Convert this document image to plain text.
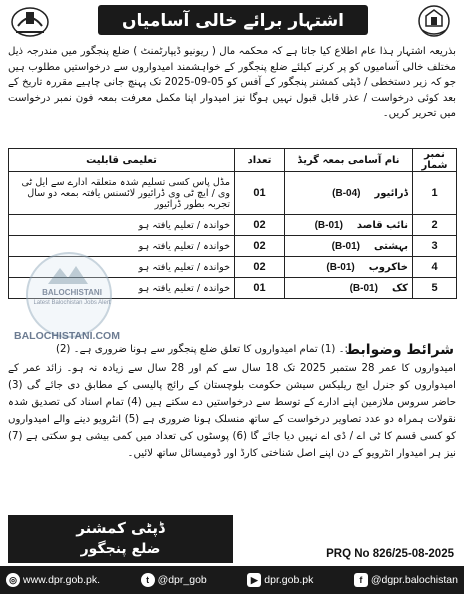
اشتہار برائے خالی آسامیاں
بذریعہ اشتہار ہذا عام اطلاع کیا جاتا ہے کہ محکمہ مال ( ریونیو ڈیپارٹمنٹ ) ضلع پنجگور میں مندرجہ ذیل مختلف خالی آسامیوں کو پر کرنے کیلئے ضلع پنجگور کے خواہشمند امیدواروں سے درخواستیں مطلوب ہیں جو کہ زیر دستخطی / ڈپٹی کمشنر پنجگور کے آفس کو 05-09-2025 تک پہنچ جانی چاہیے مقررہ تاریخ کے بعد کوئی درخواست / عذر قابل قبول نہیں ہوگا نیز امیدوار اپنا مکمل معرفت بمعہ فون نمبر درخواست میں تحریر کریں۔
نمبر شمار	نام آسامی بمعہ گریڈ	تعداد	تعلیمی قابلیت
1	ڈرائیور(B-04)	01	مڈل پاس کسی تسلیم شدہ متعلقہ ادارے سے ایل ٹی وی / ایچ ٹی وی ڈرائیور لائسنس یافتہ بمعہ دو سال تجربہ بطور ڈرائیور
2	نائب قاصد(B-01)	02	خواندہ / تعلیم یافتہ ہو
3	بہشتی(B-01)	02	خواندہ / تعلیم یافتہ ہو
4	خاکروب(B-01)	02	خواندہ / تعلیم یافتہ ہو
5	کک(B-01)	01	خواندہ / تعلیم یافتہ ہو
BALOCHISTANI
Latest Balochistan Jobs Alert
BALOCHISTANI.COM
شرائط وضوابط
:۔ (1) تمام امیدواروں کا تعلق ضلع پنجگور سے ہونا ضروری ہے۔ (2)
امیدواروں کا عمر 28 ستمبر 2025 تک 18 سال سے کم اور 28 سال سے زیادہ نہ ہو۔ زائد عمر کے امیدواروں کو جنرل ایج ریلیکس سیشن حکومت بلوچستان کے رائج پالیسی کے مطابق دی جائے گی (3) حاضر سروس ملازمین اپنے ادارے کے توسط سے درخواستیں دے سکتے ہیں (4) تمام اسناد کی تصدیق شدہ نقولات ہمراہ دو عدد تصاویر درخواست کے ساتھ منسلک ہونا ضروری ہے (5) انٹرویو دینے والے امیدواروں کو کسی قسم کا ٹی اے / ڈی اے نہیں دیا جائے گا (6) پوسٹوں کی تعداد میں کمی بیشی ہو سکتی ہے (7) نیز ہر امیدوار انٹرویو کے دن اپنے اصل شناختی کارڈ اور ڈومیسائل ساتھ لائیں۔
ڈپٹی کمشنر
ضلع پنجگور	PRQ No 826/25-08-2025
◎ www.dpr.gob.pk.	t @dpr_gob	▶ dpr.gob.pk	f @dgpr.balochistan
